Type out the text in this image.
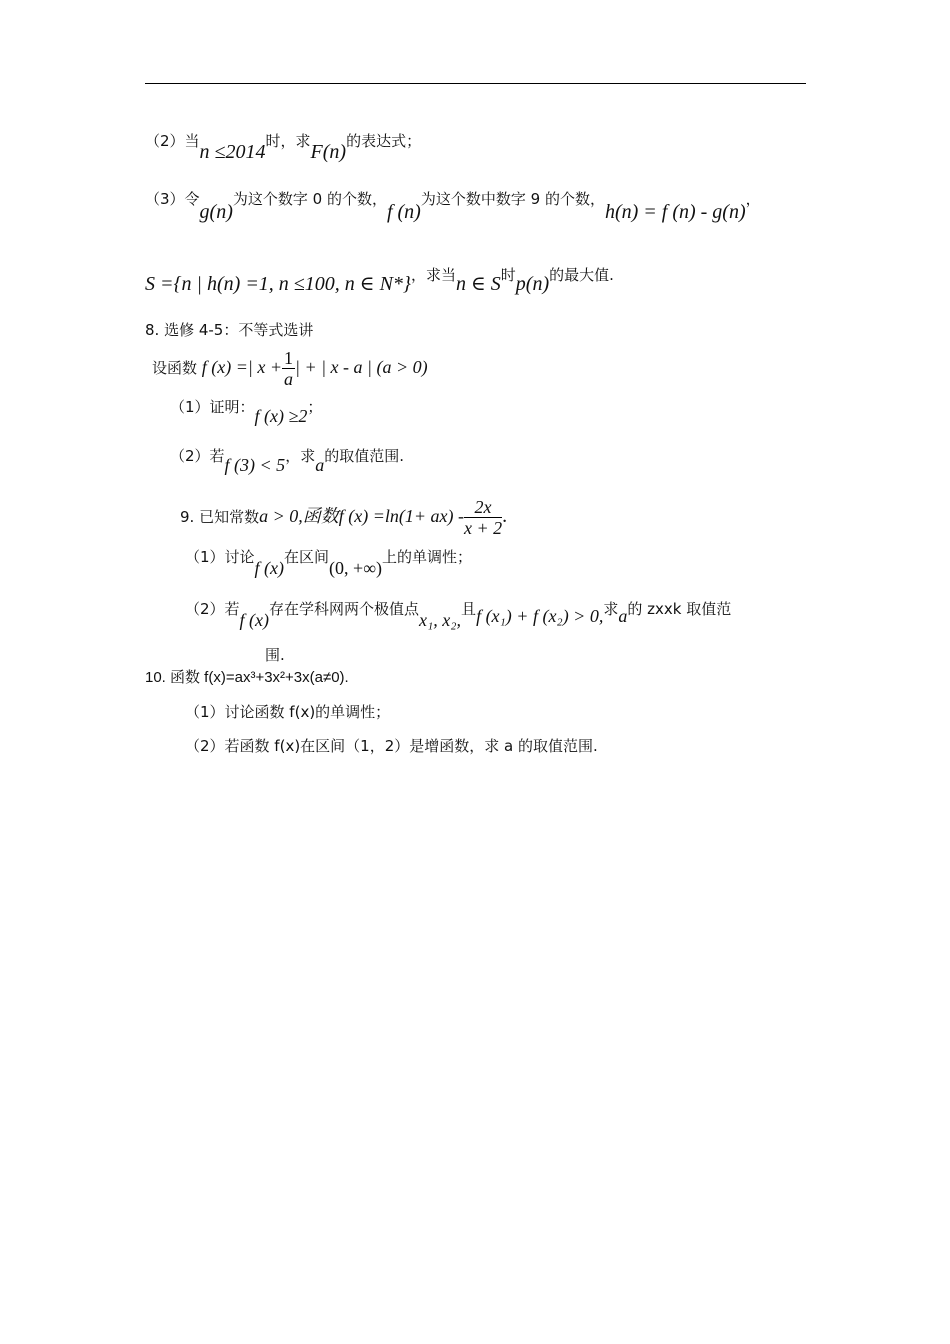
（2）当n ≤2014时，求F(n)的表达式；
（3）令g(n)为这个数字 0 的个数，f (n)为这个数中数字 9 的个数，h(n) = f (n) - g(n)，
S ={n | h(n) =1, n ≤100, n ∈ N*}，求当n ∈ S时p(n)的最大值.
8. 选修 4-5：不等式选讲
设函数 f (x) =| $x + \frac{1}{a}$ | + | x - a | (a > 0)
（1）证明：f (x) ≥2；
（2）若f (3) < 5，求a的取值范围.
9. 已知常数a > 0,函数f $(x) =\ln(1+ ax) - \frac{2x}{x + 2}$ .
（1）讨论f (x)在区间(0, +∞)上的单调性；
（2）若f (x)存在学科网两个极值点x₁, x₂,且f (x₁) + f (x₂) > 0,求a的 zxxk 取值范
围.
10. 函数 f(x)=ax³+3x²+3x(a≠0).
（1）讨论函数 f(x)的单调性；
（2）若函数 f(x)在区间（1，2）是增函数，求 a 的取值范围.
